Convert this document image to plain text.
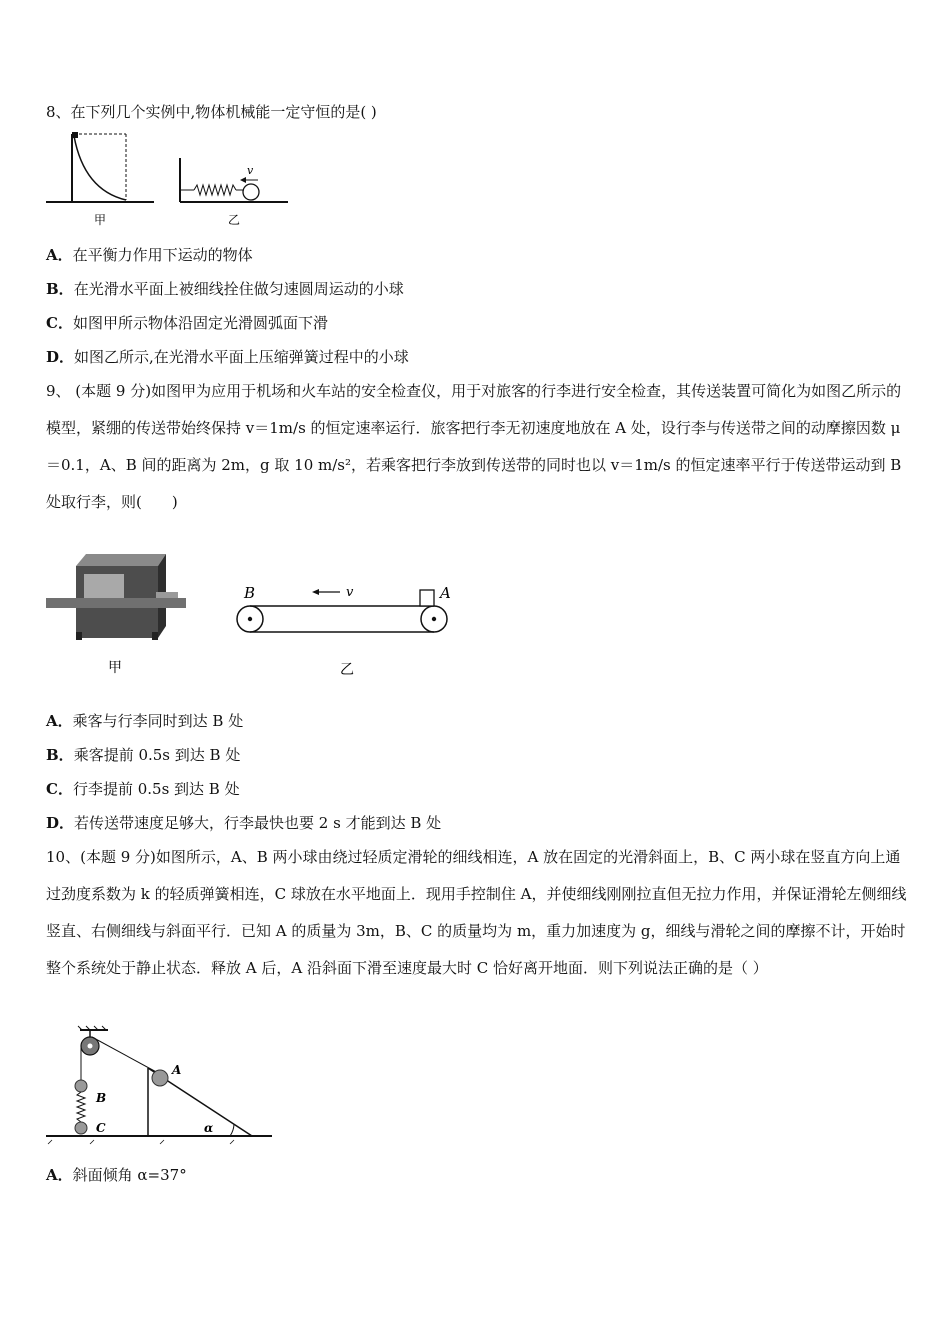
8、在下列几个实例中,物体机械能一定守恒的是( )
甲
v
乙
A．在平衡力作用下运动的物体
B．在光滑水平面上被细线拴住做匀速圆周运动的小球
C．如图甲所示物体沿固定光滑圆弧面下滑
D．如图乙所示,在光滑水平面上压缩弹簧过程中的小球
9、 (本题 9 分)如图甲为应用于机场和火车站的安全检查仪，用于对旅客的行李进行安全检查，其传送装置可简化为如图乙所示的模型，紧绷的传送带始终保持 v＝1m/s 的恒定速率运行．旅客把行李无初速度地放在 A 处，设行李与传送带之间的动摩擦因数 μ＝0.1，A、B 间的距离为 2m，g 取 10 m/s²，若乘客把行李放到传送带的同时也以 v＝1m/s 的恒定速率平行于传送带运动到 B 处取行李，则(　　)
甲
B	A
v
乙
A．乘客与行李同时到达 B 处
B．乘客提前 0.5s 到达 B 处
C．行李提前 0.5s 到达 B 处
D．若传送带速度足够大，行李最快也要 2 s 才能到达 B 处
10、(本题 9 分)如图所示，A、B 两小球由绕过轻质定滑轮的细线相连，A 放在固定的光滑斜面上，B、C 两小球在竖直方向上通过劲度系数为 k 的轻质弹簧相连，C 球放在水平地面上．现用手控制住 A，并使细线刚刚拉直但无拉力作用，并保证滑轮左侧细线竖直、右侧细线与斜面平行．已知 A 的质量为 3m，B、C 的质量均为 m，重力加速度为 g，细线与滑轮之间的摩擦不计，开始时整个系统处于静止状态．释放 A 后，A 沿斜面下滑至速度最大时 C 恰好离开地面．则下列说法正确的是（ ）
A
B
C	α
A．斜面倾角 α=37°
